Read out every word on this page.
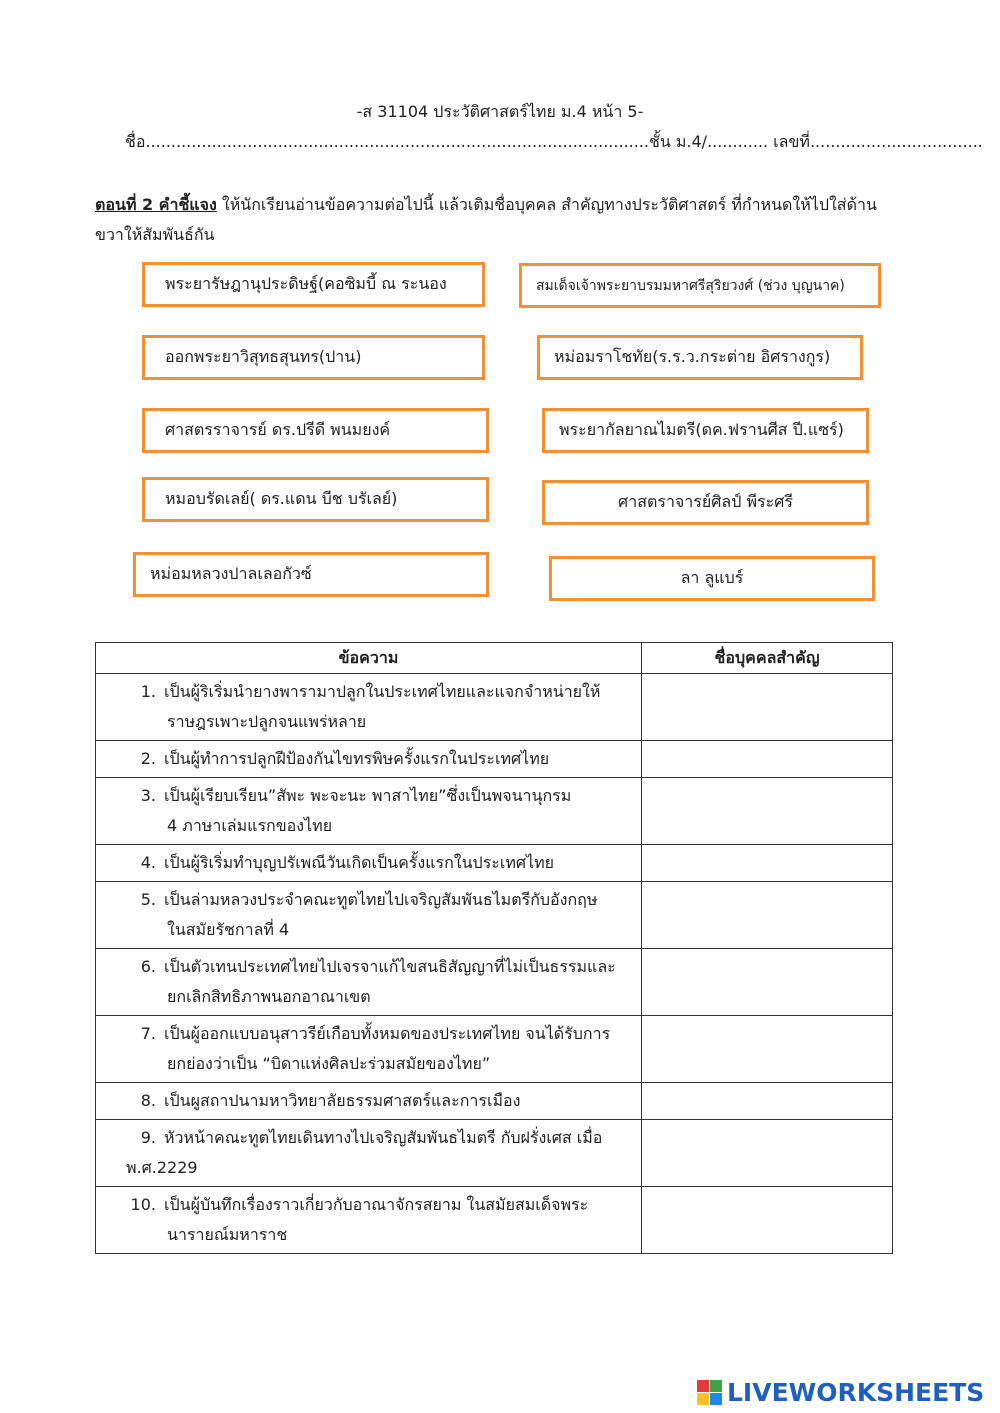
-ส 31104 ประวัติศาสตร์ไทย ม.4 หน้า 5-
ชื่อ...................................................................................................ชั้น ม.4/............ เลขที่..................................
ตอนที่ 2 คำชี้แจง ให้นักเรียนอ่านข้อความต่อไปนี้ แล้วเติมชื่อบุคคล สำคัญทางประวัติศาสตร์ ที่กำหนดให้ไปใส่ด้านขวาให้สัมพันธ์กัน
พระยารัษฎานุประดิษฐ์(คอซิมบี้ ณ ระนอง
ออกพระยาวิสุทธสุนทร(ปาน)
ศาสตรราจารย์ ดร.ปรีดี พนมยงค์
หมอบรัดเลย์( ดร.แดน บีช บรัเลย์)
หม่อมหลวงปาลเลอกัวซ์
สมเด็จเจ้าพระยาบรมมหาศรีสุริยวงศ์ (ช่วง บุญนาค)
หม่อมราโชทัย(ร.ร.ว.กระต่าย อิศรางกูร)
พระยากัลยาณไมตรี(ดค.ฟรานศีส ปี.แซร์)
ศาสตราจารย์ศิลป์ พีระศรี
ลา ลูแบร์
ข้อความ	ชื่อบุคคลสำคัญ
1. เป็นผู้ริเริ่มนำยางพารามาปลูกในประเทศไทยและแจกจำหน่ายให้
ราษฎรเพาะปลูกจนแพร่หลาย	

2. เป็นผู้ทำการปลูกฝีป้องกันไขทรพิษครั้งแรกในประเทศไทย	
3. เป็นผู้เรียบเรียน”สัพะ พะจะนะ พาสาไทย”ซึ่งเป็นพจนานุกรม
4 ภาษาเล่มแรกของไทย	

4. เป็นผู้ริเริ่มทำบุญปรัเพณีวันเกิดเป็นครั้งแรกในประเทศไทย	
5. เป็นล่ามหลวงประจำคณะทูตไทยไปเจริญสัมพันธไมตรีกับอังกฤษ
ในสมัยรัชกาลที่ 4	

6. เป็นตัวเทนประเทศไทยไปเจรจาแก้ไขสนธิสัญญาที่ไม่เป็นธรรมและ
ยกเลิกสิทธิภาพนอกอาณาเขต	

7. เป็นผู้ออกแบบอนุสาวรีย์เกือบทั้งหมดของประเทศไทย จนได้รับการ
ยกย่องว่าเป็น “บิดาแห่งศิลปะร่วมสมัยของไทย”	

8. เป็นผูสถาปนามหาวิทยาลัยธรรมศาสตร์และการเมือง	
9. หัวหน้าคณะทูตไทยเดินทางไปเจริญสัมพันธไมตรี กับฝรั่งเศส เมื่อ
พ.ศ.2229	

10. เป็นผู้บันทึกเรื่องราวเกี่ยวกับอาณาจักรสยาม ในสมัยสมเด็จพระ
นารายณ์มหาราช	

LIVEWORKSHEETS
